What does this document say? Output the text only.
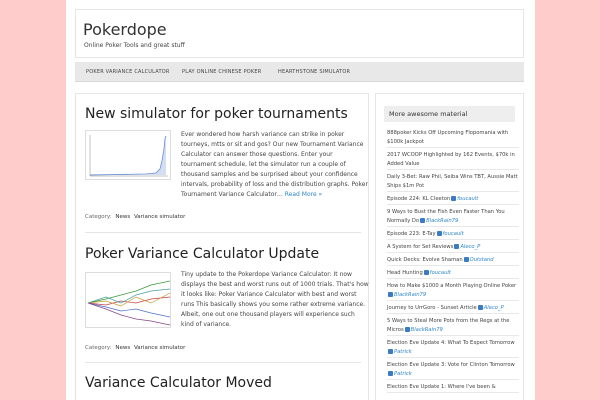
Pokerdope
Online Poker Tools and great stuff
POKER VARIANCE CALCULATOR PLAY ONLINE CHINESE POKER	HEARTHSTONE SIMULATOR
New simulator for poker tournaments
Ever wondered how harsh variance can strike in poker tourneys, mtts or sit and gos? Our new Tournament Variance Calculator can answer those questions. Enter your tournament schedule, let the simulator run a couple of thousand samples and be surprised about your confidence intervals, probability of loss and the distribution graphs. Poker Tournament Variance Calculator… Read More »
Category: News Variance simulator
Poker Variance Calculator Update
Tiny update to the Pokerdope Variance Calculator: It now displays the best and worst runs out of 1000 trials. That's how it looks like: Poker Variance Calculator with best and worst runs This basically shows you some rather extreme variance. Albeit, one out one thousand players will experience such kind of variance.
Category: News Variance simulator
Variance Calculator Moved
More awesome material
888poker Kicks Off Upcoming Flopomania with $100k Jackpot
2017 WCOOP Highlighted by 162 Events, $70k in Added Value
Daily 3-Bet: Raw Phil, Seiba Wins TBT, Aussie Matt Ships $1m Pot
Episode 224: KL Cleeton foucault
9 Ways to Bust the Fish Even Faster Than You Normally Do BlackRain79
Episode 223: E-Tay foucault
A System for Set Reviews Aleco_P
Quick Decks: Evolve Shaman Outstand
Head Hunting foucault
How to Make $1000 a Month Playing Online PokerBlackRain79
Journey to UrrGoro - Sunset Article Aleco_P
5 Ways to Steal More Pots from the Regs at the Micros BlackRain79
Election Eve Update 4: What To Expect TomorrowPatrick
Election Eve Update 3: Vote for Clinton TomorrowPatrick
Election Eve Update 1: Where I've been &
